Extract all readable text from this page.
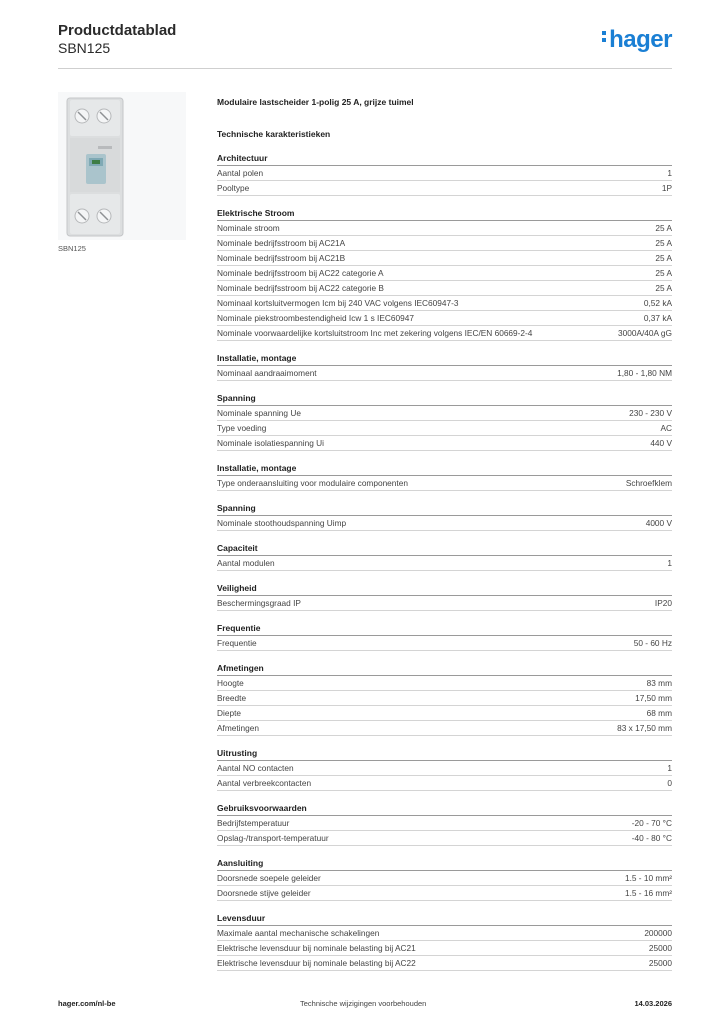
Productdatablad
SBN125	hager
SBN125
Modulaire lastscheider 1-polig 25 A, grijze tuimel
Technische karakteristieken
Architectuur
Aantal polen	1
Pooltype	1P
Elektrische Stroom
Nominale stroom	25 A
Nominale bedrijfsstroom bij AC21A	25 A
Nominale bedrijfsstroom bij AC21B	25 A
Nominale bedrijfsstroom bij AC22 categorie A	25 A
Nominale bedrijfsstroom bij AC22 categorie B	25 A
Nominaal kortsluitvermogen Icm bij 240 VAC volgens IEC60947-3	0,52 kA
Nominale piekstroombestendigheid Icw 1 s IEC60947	0,37 kA
Nominale voorwaardelijke kortsluitstroom Inc met zekering volgens IEC/EN 60669-2-4	3000A/40A gG
Installatie, montage
Nominaal aandraaimoment	1,80 - 1,80 NM
Spanning
Nominale spanning Ue	230 - 230 V
Type voeding	AC
Nominale isolatiespanning Ui	440 V
Installatie, montage
Type onderaansluiting voor modulaire componenten	Schroefklem
Spanning
Nominale stoothoudspanning Uimp	4000 V
Capaciteit
Aantal modulen	1
Veiligheid
Beschermingsgraad IP	IP20
Frequentie
Frequentie	50 - 60 Hz
Afmetingen
Hoogte	83 mm
Breedte	17,50 mm
Diepte	68 mm
Afmetingen	83 x 17,50 mm
Uitrusting
Aantal NO contacten	1
Aantal verbreekcontacten	0
Gebruiksvoorwaarden
Bedrijfstemperatuur	-20 - 70 °C
Opslag-/transport-temperatuur	-40 - 80 °C
Aansluiting
Doorsnede soepele geleider	1.5 - 10 mm²
Doorsnede stijve geleider	1.5 - 16 mm²
Levensduur
Maximale aantal mechanische schakelingen	200000
Elektrische levensduur bij nominale belasting bij AC21	25000
Elektrische levensduur bij nominale belasting bij AC22	25000
hager.com/nl-be	Technische wijzigingen voorbehouden	14.03.2026
